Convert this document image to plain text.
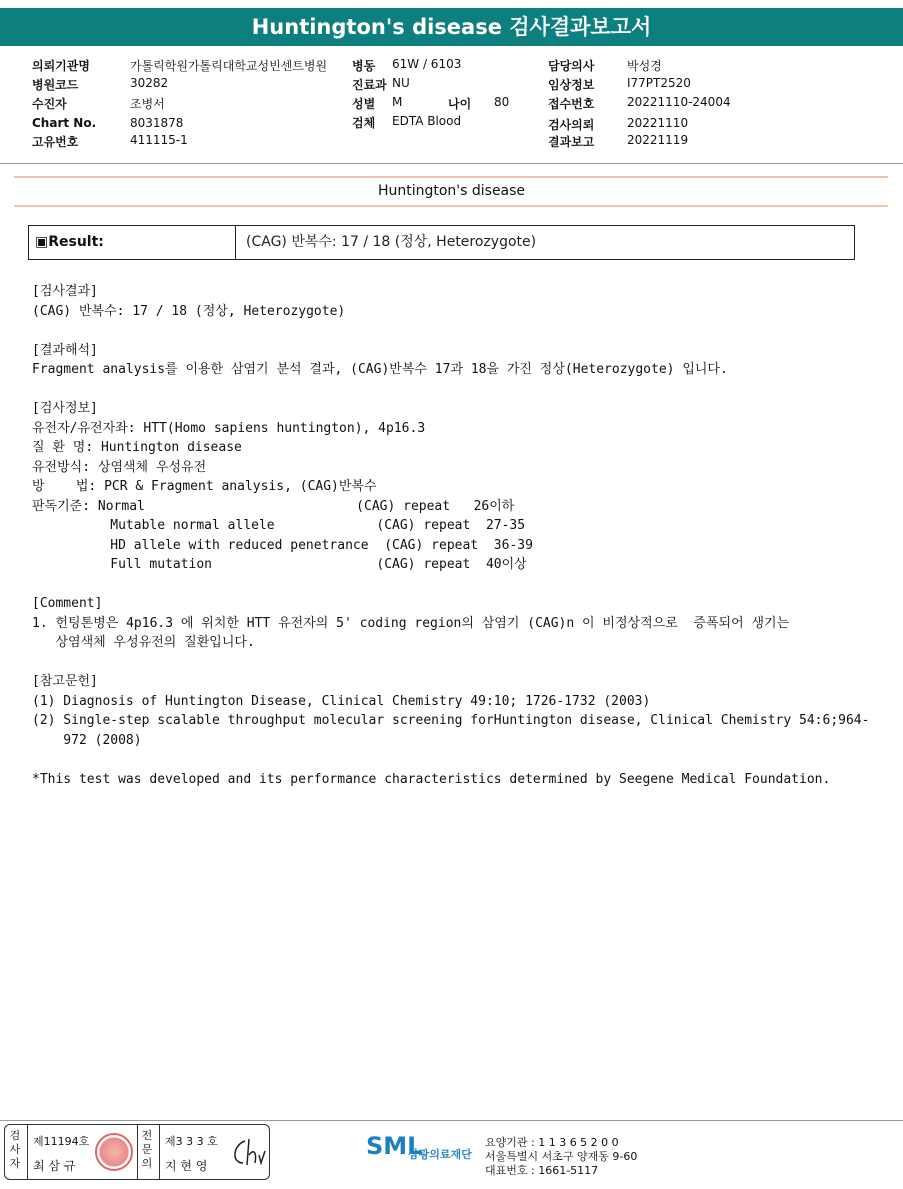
Huntington's disease 검사결과보고서
의뢰기관명	가톨릭학원가톨릭대학교성빈센트병원
병원코드	30282
수진자	조병서
Chart No.	8031878
고유번호	411115-1
병동 61W / 6103
진료과 NU
성별 M	나이 80
검체 EDTA Blood
담당의사	박성경
임상정보	I77PT2520
접수번호	20221110-24004
검사의뢰	20221110
결과보고	20221119
Huntington's disease
▣Result:	(CAG) 반복수: 17 / 18 (정상, Heterozygote)
[검사결과]
(CAG) 반복수: 17 / 18 (정상, Heterozygote)

[결과해석]
Fragment analysis를 이용한 삼염기 분석 결과, (CAG)반복수 17과 18을 가진 정상(Heterozygote) 입니다.

[검사정보]
유전자/유전자좌: HTT(Homo sapiens huntington), 4p16.3
질 환 명: Huntington disease
유전방식: 상염색체 우성유전
방    법: PCR & Fragment analysis, (CAG)반복수
판독기준: Normal                           (CAG) repeat   26이하
Mutable normal allele             (CAG) repeat  27-35
HD allele with reduced penetrance  (CAG) repeat  36-39
Full mutation                     (CAG) repeat  40이상

[Comment]
1. 헌팅톤병은 4p16.3 에 위치한 HTT 유전자의 5' coding region의 삼염기 (CAG)n 이 비정상적으로  증폭되어 생기는
상염색체 우성유전의 질환입니다.

[참고문헌]
(1) Diagnosis of Huntington Disease, Clinical Chemistry 49:10; 1726-1732 (2003)
(2) Single-step scalable throughput molecular screening forHuntington disease, Clinical Chemistry 54:6;964-
972 (2008)

*This test was developed and its performance characteristics determined by Seegene Medical Foundation.
검사자
제11194호
최 삼 규
전문의
제3 3 3 호
지 현 영
SML
삼광의료재단
요양기관 : 1 1 3 6 5 2 0 0
서울특별시 서초구 양재동 9-60
대표번호 : 1661-5117
